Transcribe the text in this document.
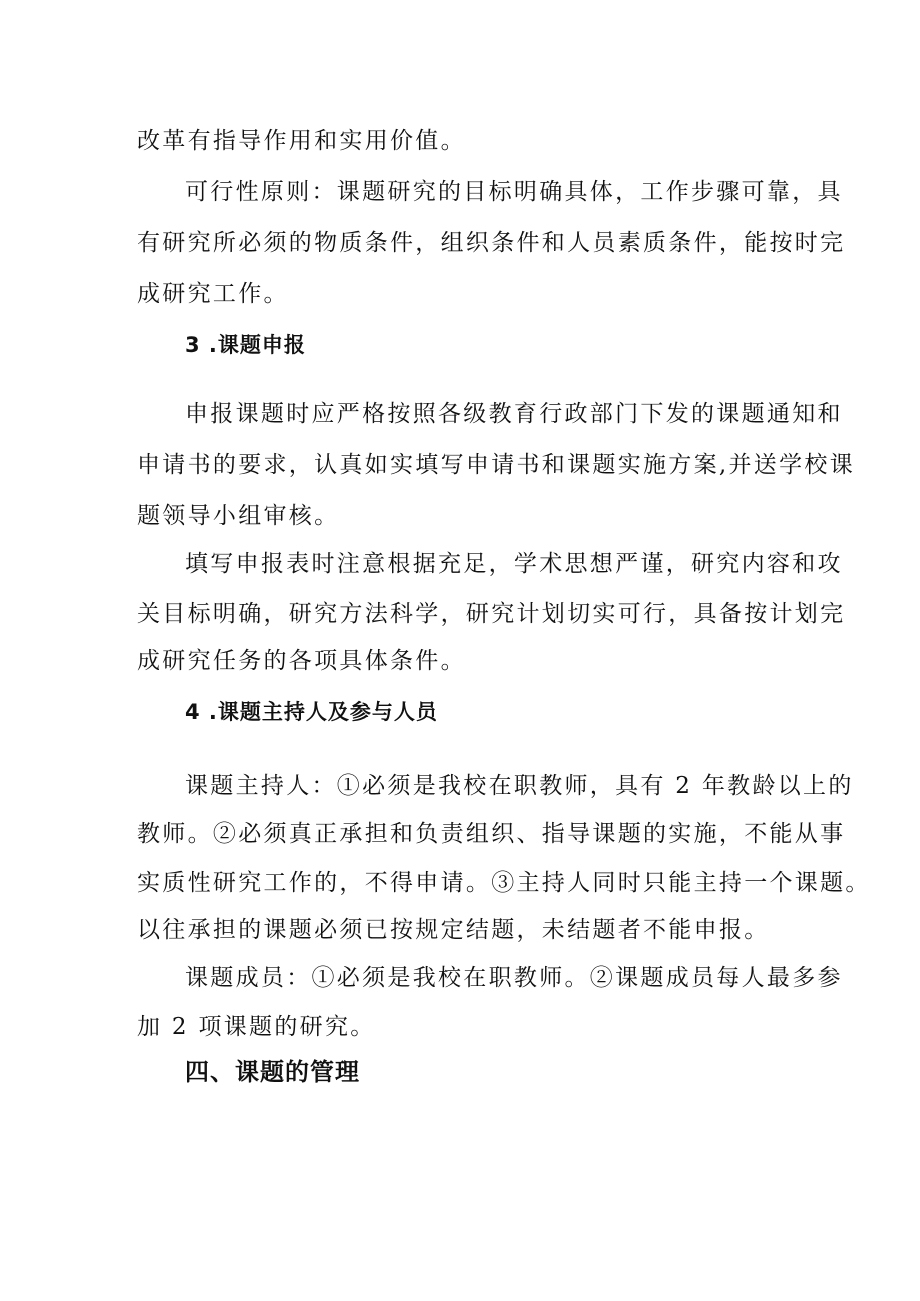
改革有指导作用和实用价值。
可行性原则：课题研究的目标明确具体，工作步骤可靠，具
有研究所必须的物质条件，组织条件和人员素质条件，能按时完
成研究工作。
3 .课题申报
申报课题时应严格按照各级教育行政部门下发的课题通知和
申请书的要求，认真如实填写申请书和课题实施方案,并送学校课
题领导小组审核。
填写申报表时注意根据充足，学术思想严谨，研究内容和攻
关目标明确，研究方法科学，研究计划切实可行，具备按计划完
成研究任务的各项具体条件。
4 .课题主持人及参与人员
课题主持人：①必须是我校在职教师，具有 2 年教龄以上的
教师。②必须真正承担和负责组织、指导课题的实施，不能从事
实质性研究工作的，不得申请。③主持人同时只能主持一个课题。
以往承担的课题必须已按规定结题，未结题者不能申报。
课题成员：①必须是我校在职教师。②课题成员每人最多参
加 2 项课题的研究。
四、课题的管理
